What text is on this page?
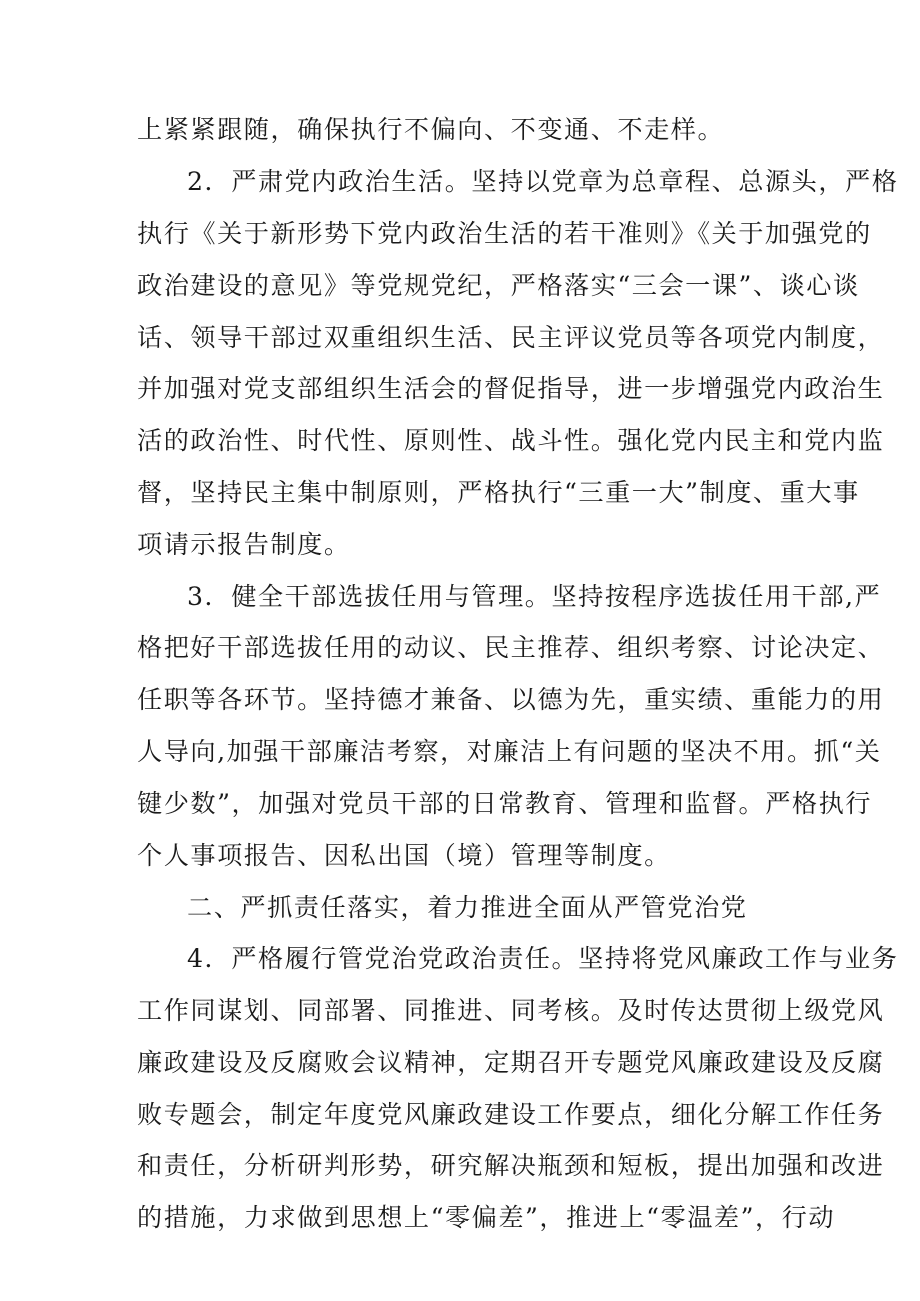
上紧紧跟随，确保执行不偏向、不变通、不走样。
2．严肃党内政治生活。坚持以党章为总章程、总源头，严格
执行《关于新形势下党内政治生活的若干准则》《关于加强党的
政治建设的意见》等党规党纪，严格落实“三会一课”、谈心谈
话、领导干部过双重组织生活、民主评议党员等各项党内制度，
并加强对党支部组织生活会的督促指导，进一步增强党内政治生
活的政治性、时代性、原则性、战斗性。强化党内民主和党内监
督，坚持民主集中制原则，严格执行“三重一大”制度、重大事
项请示报告制度。
3．健全干部选拔任用与管理。坚持按程序选拔任用干部,严
格把好干部选拔任用的动议、民主推荐、组织考察、讨论决定、
任职等各环节。坚持德才兼备、以德为先，重实绩、重能力的用
人导向,加强干部廉洁考察，对廉洁上有问题的坚决不用。抓“关
键少数”，加强对党员干部的日常教育、管理和监督。严格执行
个人事项报告、因私出国（境）管理等制度。
二、严抓责任落实，着力推进全面从严管党治党
4．严格履行管党治党政治责任。坚持将党风廉政工作与业务
工作同谋划、同部署、同推进、同考核。及时传达贯彻上级党风
廉政建设及反腐败会议精神，定期召开专题党风廉政建设及反腐
败专题会，制定年度党风廉政建设工作要点，细化分解工作任务
和责任，分析研判形势，研究解决瓶颈和短板，提出加强和改进
的措施，力求做到思想上“零偏差”，推进上“零温差”，行动
